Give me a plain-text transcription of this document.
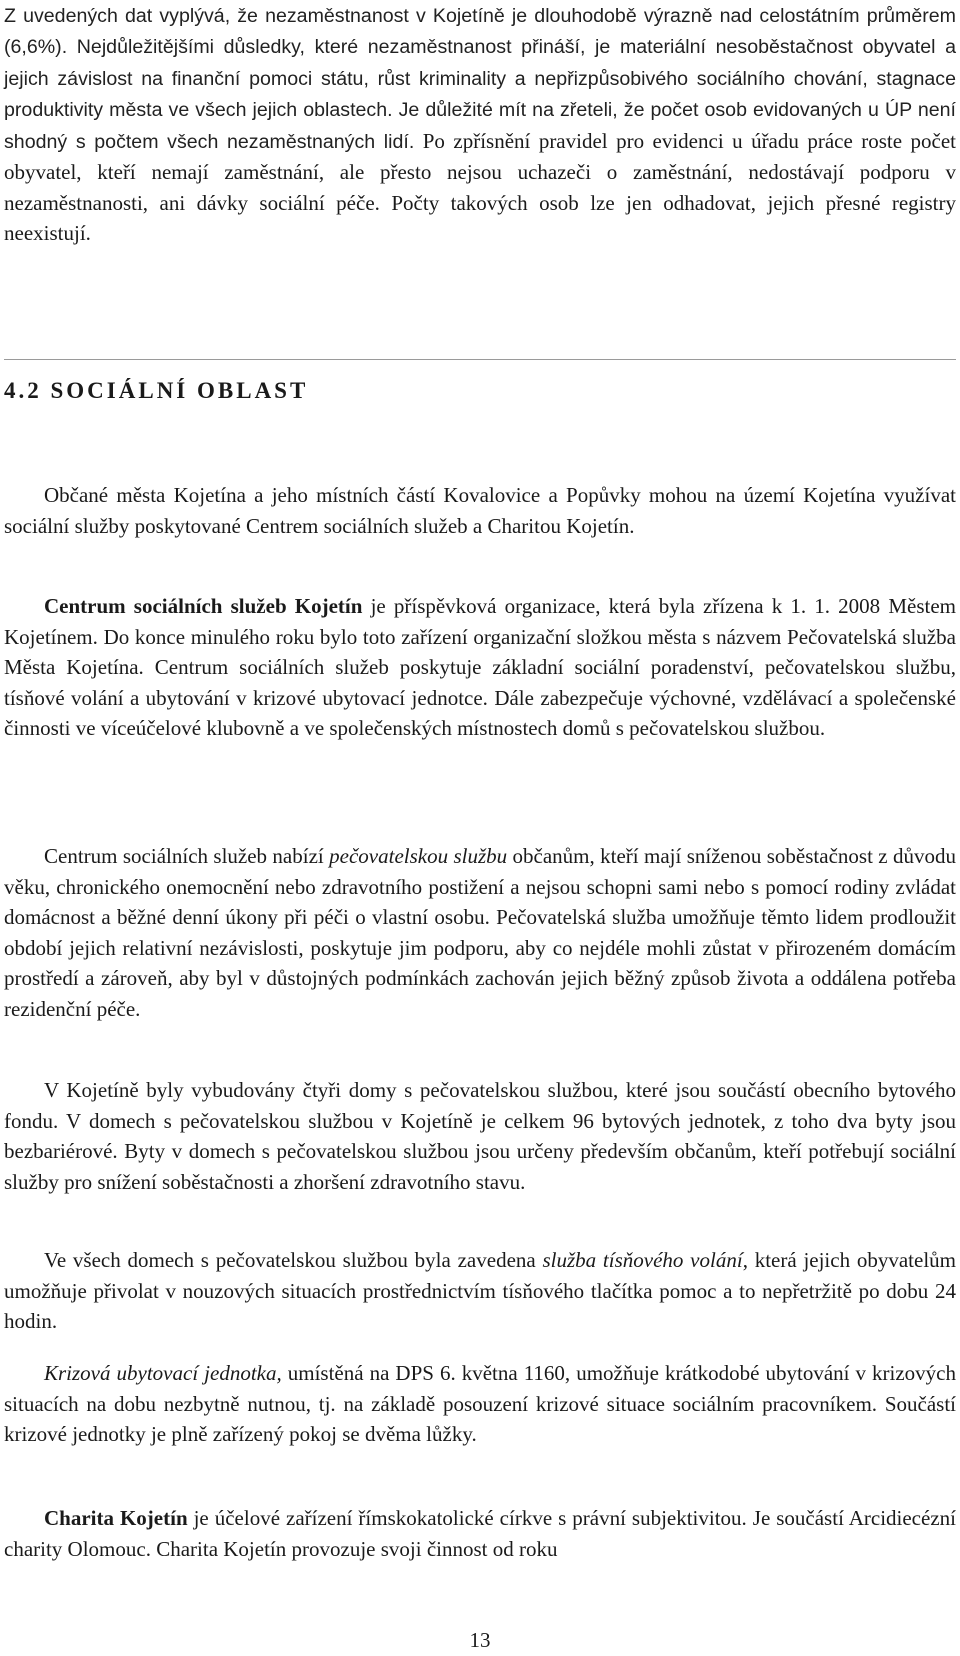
Z uvedených dat vyplývá, že nezaměstnanost v Kojetíně je dlouhodobě výrazně nad celostátním průměrem (6,6%). Nejdůležitějšími důsledky, které nezaměstnanost přináší, je materiální nesoběstačnost obyvatel a jejich závislost na finanční pomoci státu, růst kriminality a nepřizpůsobivého sociálního chování, stagnace produktivity města ve všech jejich oblastech. Je důležité mít na zřeteli, že počet osob evidovaných u ÚP není shodný s počtem všech nezaměstnaných lidí. Po zpřísnění pravidel pro evidenci u úřadu práce roste počet obyvatel, kteří nemají zaměstnání, ale přesto nejsou uchazeči o zaměstnání, nedostávají podporu v nezaměstnanosti, ani dávky sociální péče. Počty takových osob lze jen odhadovat, jejich přesné registry neexistují.

4.2 SOCIÁLNÍ OBLAST

Občané města Kojetína a jeho místních částí Kovalovice a Popůvky mohou na území Kojetína využívat sociální služby poskytované Centrem sociálních služeb a Charitou Kojetín.

Centrum sociálních služeb Kojetín je příspěvková organizace, která byla zřízena k 1. 1. 2008 Městem Kojetínem. Do konce minulého roku bylo toto zařízení organizační složkou města s názvem Pečovatelská služba Města Kojetína. Centrum sociálních služeb poskytuje základní sociální poradenství, pečovatelskou službu, tísňové volání a ubytování v krizové ubytovací jednotce. Dále zabezpečuje výchovné, vzdělávací a společenské činnosti ve víceúčelové klubovně a ve společenských místnostech domů s pečovatelskou službou.

Centrum sociálních služeb nabízí pečovatelskou službu občanům, kteří mají sníženou soběstačnost z důvodu věku, chronického onemocnění nebo zdravotního postižení a nejsou schopni sami nebo s pomocí rodiny zvládat domácnost a běžné denní úkony při péči o vlastní osobu. Pečovatelská služba umožňuje těmto lidem prodloužit období jejich relativní nezávislosti, poskytuje jim podporu, aby co nejdéle mohli zůstat v přirozeném domácím prostředí a zároveň, aby byl v důstojných podmínkách zachován jejich běžný způsob života a oddálena potřeba rezidenční péče.

V Kojetíně byly vybudovány čtyři domy s pečovatelskou službou, které jsou součástí obecního bytového fondu. V domech s pečovatelskou službou v Kojetíně je celkem 96 bytových jednotek, z toho dva byty jsou bezbariérové. Byty v domech s pečovatelskou službou jsou určeny především občanům, kteří potřebují sociální služby pro snížení soběstačnosti a zhoršení zdravotního stavu.

Ve všech domech s pečovatelskou službou byla zavedena služba tísňového volání, která jejich obyvatelům umožňuje přivolat v nouzových situacích prostřednictvím tísňového tlačítka pomoc a to nepřetržitě po dobu 24 hodin.

Krizová ubytovací jednotka, umístěná na DPS 6. května 1160, umožňuje krátkodobé ubytování v krizových situacích na dobu nezbytně nutnou, tj. na základě posouzení krizové situace sociálním pracovníkem. Součástí krizové jednotky je plně zařízený pokoj se dvěma lůžky.

Charita Kojetín je účelové zařízení římskokatolické církve s právní subjektivitou. Je součástí Arcidiecézní charity Olomouc. Charita Kojetín provozuje svoji činnost od roku

13
